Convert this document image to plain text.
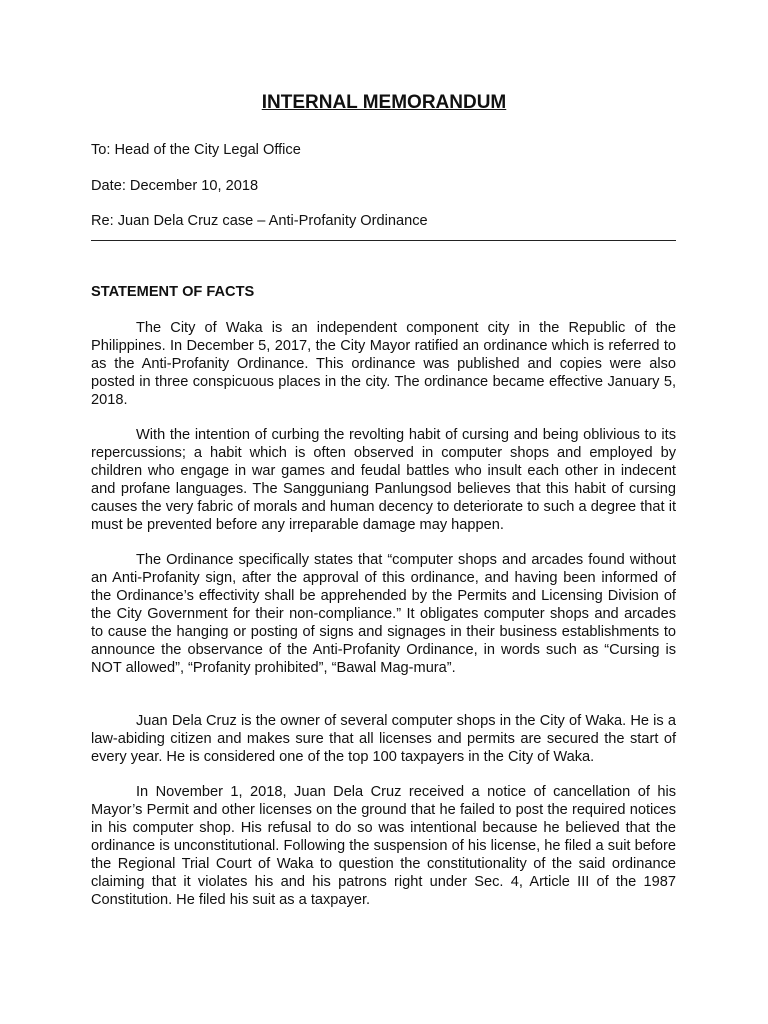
INTERNAL MEMORANDUM
To: Head of the City Legal Office
Date: December 10, 2018
Re: Juan Dela Cruz case – Anti-Profanity Ordinance
STATEMENT OF FACTS

The City of Waka is an independent component city in the Republic of the Philippines. In December 5, 2017, the City Mayor ratified an ordinance which is referred to as the Anti-Profanity Ordinance. This ordinance was published and copies were also posted in three conspicuous places in the city. The ordinance became effective January 5, 2018.

With the intention of curbing the revolting habit of cursing and being oblivious to its repercussions; a habit which is often observed in computer shops and employed by children who engage in war games and feudal battles who insult each other in indecent and profane languages. The Sangguniang Panlungsod believes that this habit of cursing causes the very fabric of morals and human decency to deteriorate to such a degree that it must be prevented before any irreparable damage may happen.

The Ordinance specifically states that “computer shops and arcades found without an Anti-Profanity sign, after the approval of this ordinance, and having been informed of the Ordinance’s effectivity shall be apprehended by the Permits and Licensing Division of the City Government for their non-compliance.” It obligates computer shops and arcades to cause the hanging or posting of signs and signages in their business establishments to announce the observance of the Anti-Profanity Ordinance, in words such as “Cursing is NOT allowed”, “Profanity prohibited”, “Bawal Mag-mura”.

Juan Dela Cruz is the owner of several computer shops in the City of Waka. He is a law-abiding citizen and makes sure that all licenses and permits are secured the start of every year. He is considered one of the top 100 taxpayers in the City of Waka.

In November 1, 2018, Juan Dela Cruz received a notice of cancellation of his Mayor’s Permit and other licenses on the ground that he failed to post the required notices in his computer shop. His refusal to do so was intentional because he believed that the ordinance is unconstitutional. Following the suspension of his license, he filed a suit before the Regional Trial Court of Waka to question the constitutionality of the said ordinance claiming that it violates his and his patrons right under Sec. 4, Article III of the 1987 Constitution. He filed his suit as a taxpayer.
